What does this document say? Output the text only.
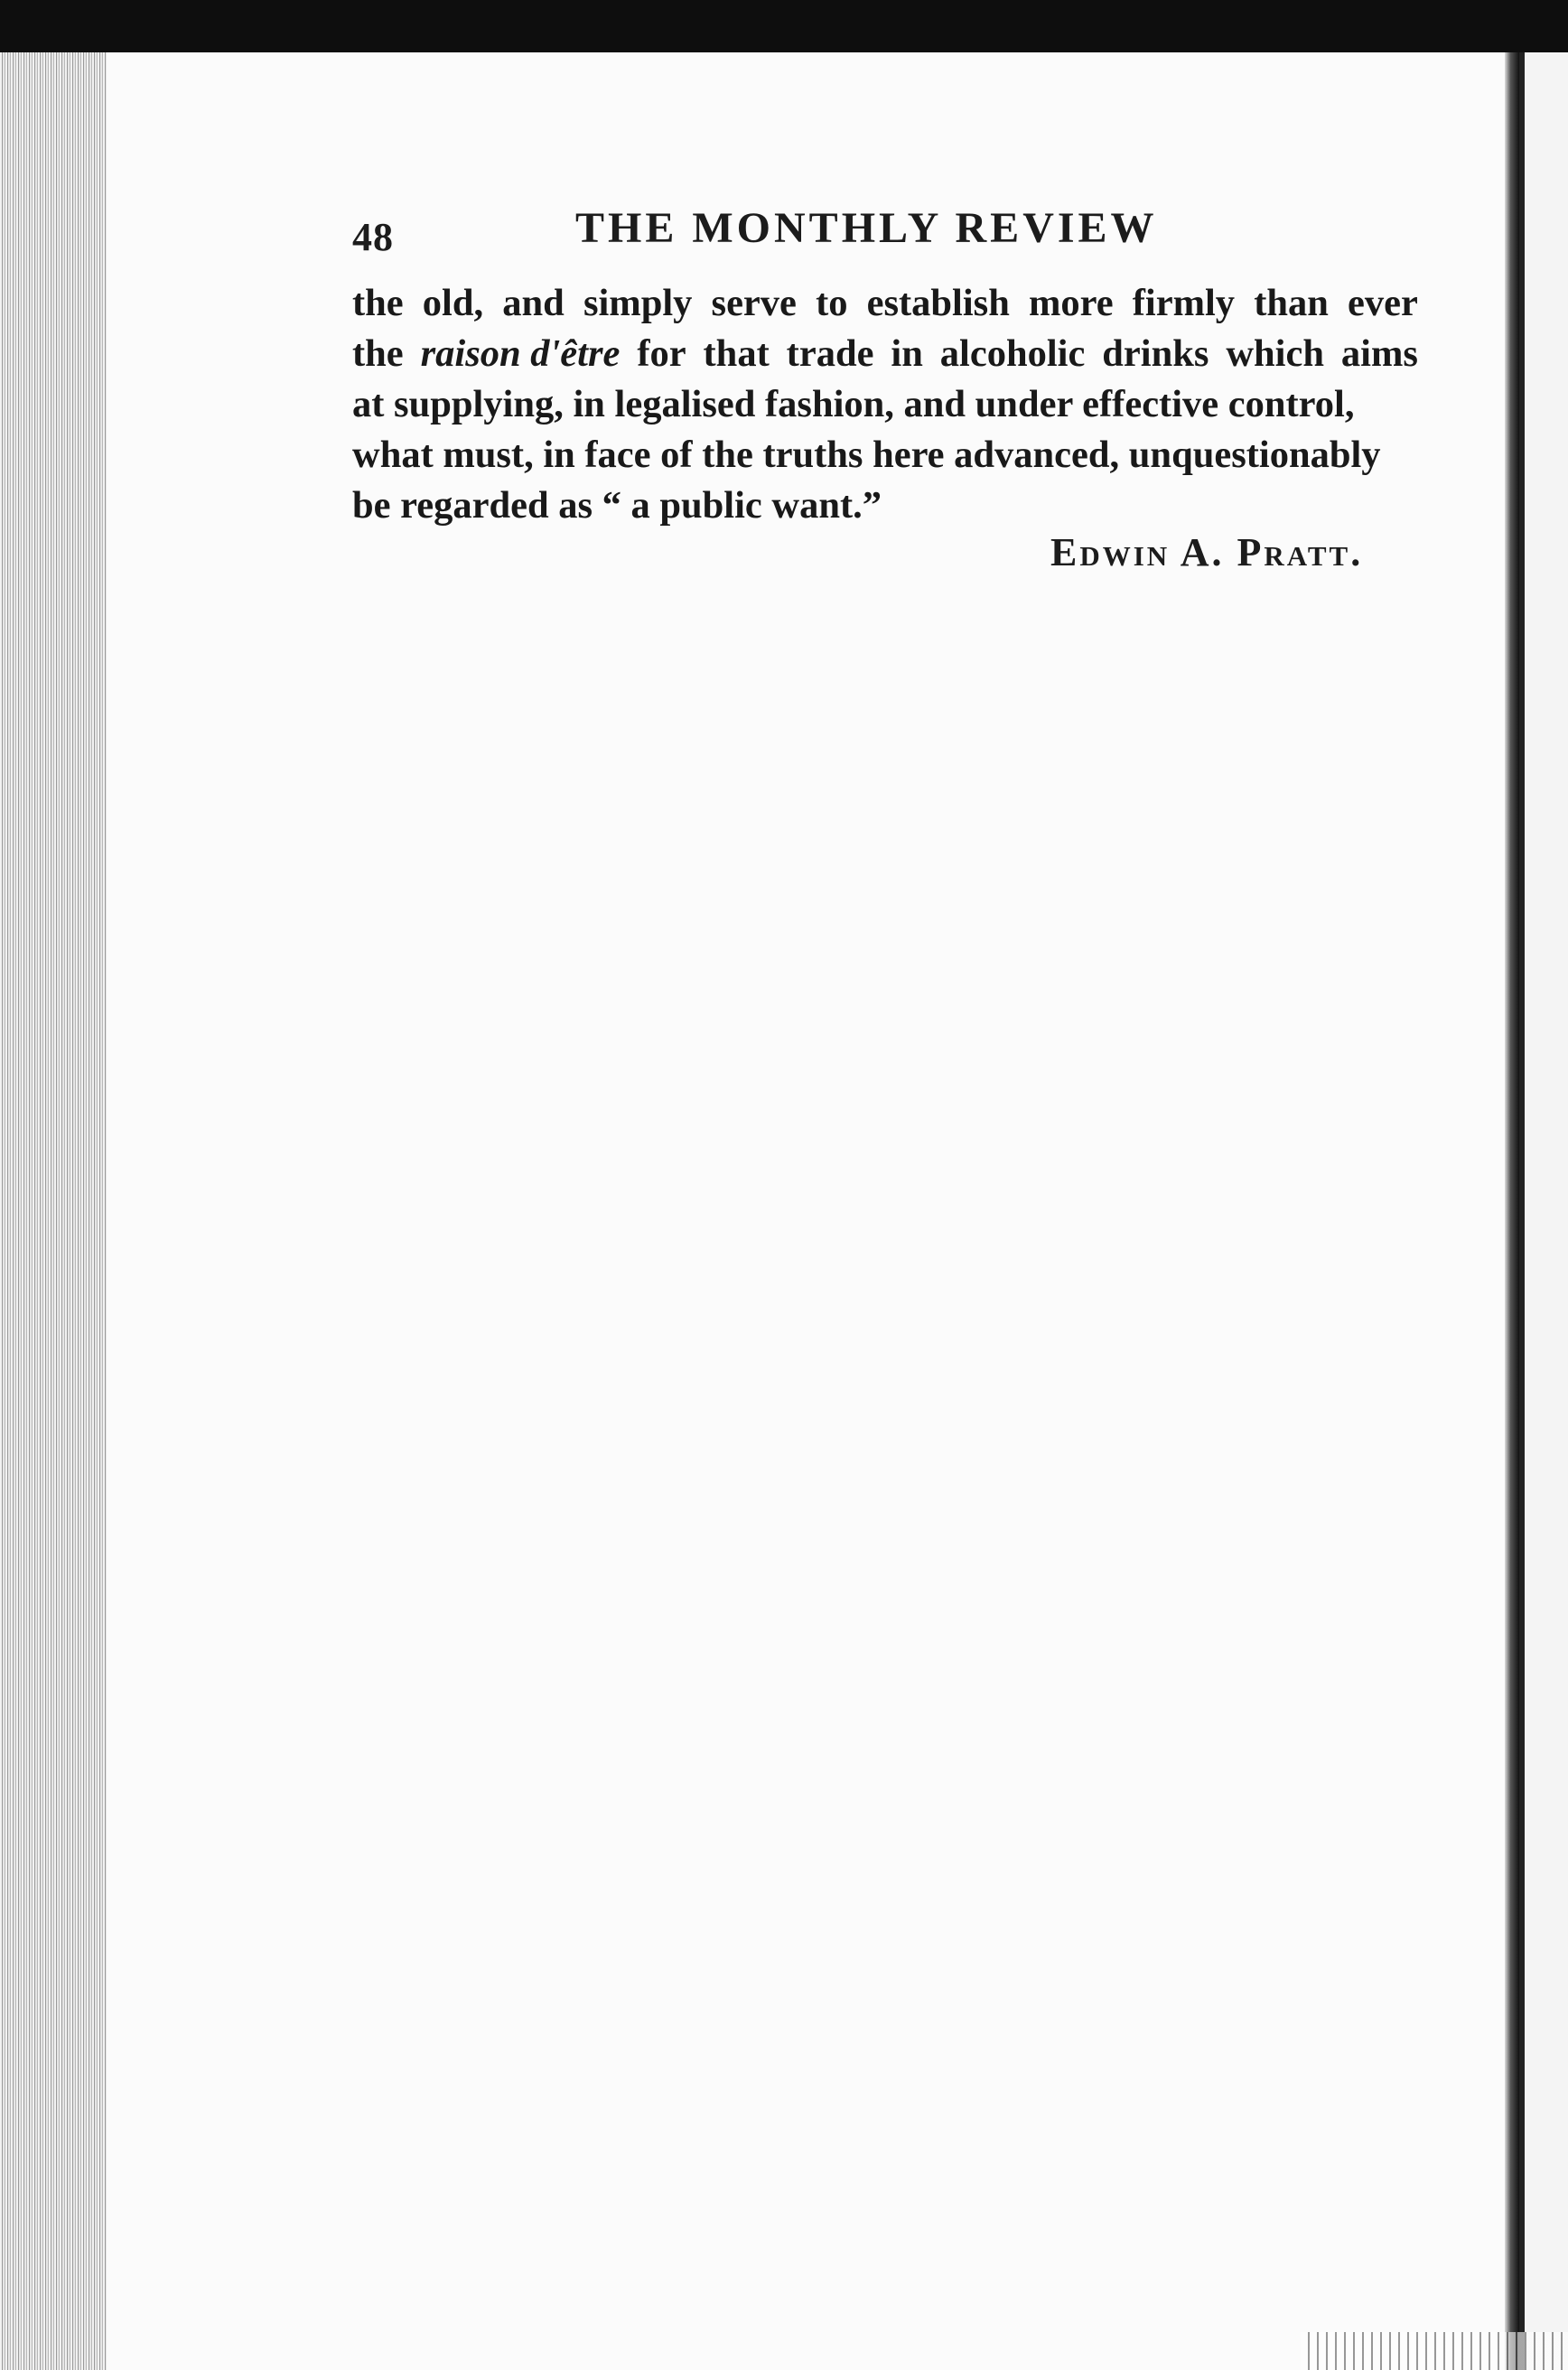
48	THE MONTHLY REVIEW
the old, and simply serve to establish more firmly than ever
the raison d'être for that trade in alcoholic drinks which aims
at supplying, in legalised fashion, and under effective control,
what must, in face of the truths here advanced, unquestionably
be regarded as “ a public want.”
Edwin A. Pratt.
